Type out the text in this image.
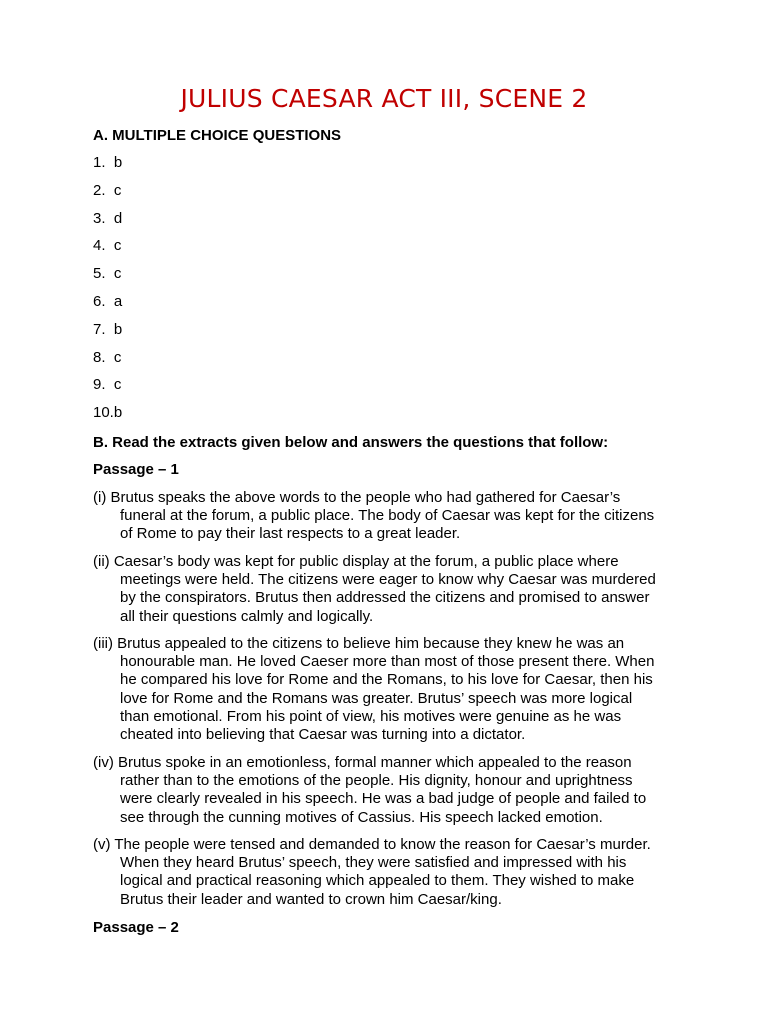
JULIUS CAESAR ACT III, SCENE 2

A. MULTIPLE CHOICE QUESTIONS

1.  b
2.  c
3.  d
4.  c
5.  c
6.  a
7.  b
8.  c
9.  c
10.b

B. Read the extracts given below and answers the questions that follow:

Passage – 1

(i) Brutus speaks the above words to the people who had gathered for Caesar’s
funeral at the forum, a public place. The body of Caesar was kept for the citizens
of Rome to pay their last respects to a great leader.
(ii) Caesar’s body was kept for public display at the forum, a public place where
meetings were held. The citizens were eager to know why Caesar was murdered
by the conspirators. Brutus then addressed the citizens and promised to answer
all their questions calmly and logically.
(iii) Brutus appealed to the citizens to believe him because they knew he was an
honourable man. He loved Caeser more than most of those present there. When
he compared his love for Rome and the Romans, to his love for Caesar, then his
love for Rome and the Romans was greater. Brutus’ speech was more logical
than emotional. From his point of view, his motives were genuine as he was
cheated into believing that Caesar was turning into a dictator.
(iv) Brutus spoke in an emotionless, formal manner which appealed to the reason
rather than to the emotions of the people. His dignity, honour and uprightness
were clearly revealed in his speech. He was a bad judge of people and failed to
see through the cunning motives of Cassius. His speech lacked emotion.
(v) The people were tensed and demanded to know the reason for Caesar’s murder.
When they heard Brutus’ speech, they were satisfied and impressed with his
logical and practical reasoning which appealed to them. They wished to make
Brutus their leader and wanted to crown him Caesar/king.

Passage – 2
